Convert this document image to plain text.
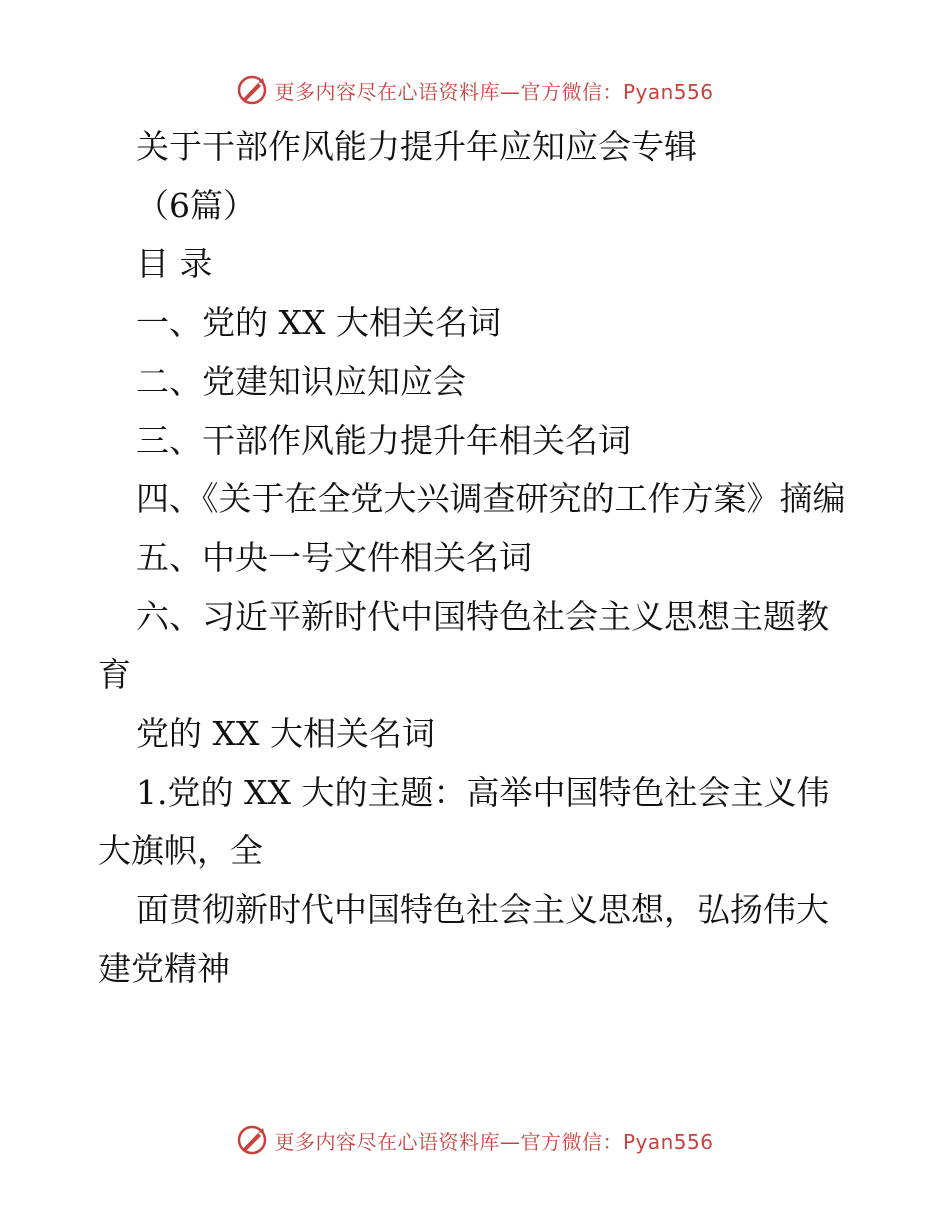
更多内容尽在心语资料库—官方微信：Pyan556

关于干部作风能力提升年应知应会专辑

（6篇）

目 录

一、党的 XX 大相关名词

二、党建知识应知应会

三、干部作风能力提升年相关名词

四、《关于在全党大兴调查研究的工作方案》摘编

五、中央一号文件相关名词

六、习近平新时代中国特色社会主义思想主题教育

党的 XX 大相关名词

1.党的 XX 大的主题：高举中国特色社会主义伟大旗帜，全

面贯彻新时代中国特色社会主义思想，弘扬伟大建党精神

更多内容尽在心语资料库—官方微信：Pyan556
